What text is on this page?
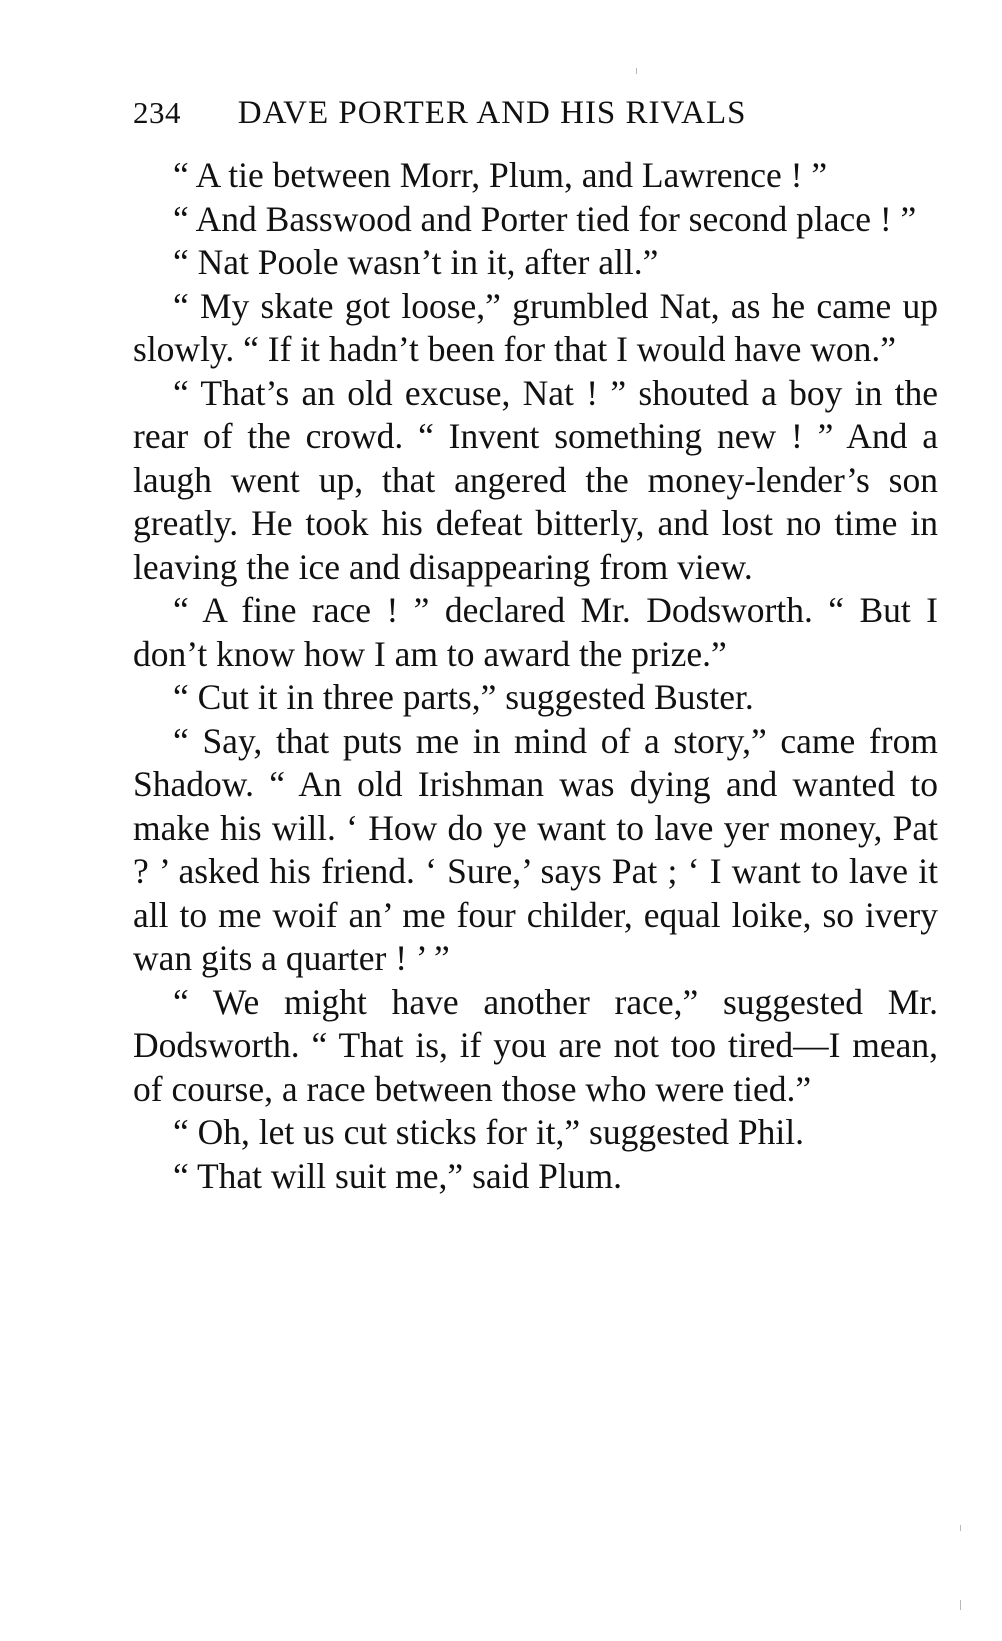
234 DAVE PORTER AND HIS RIVALS

“ A tie between Morr, Plum, and Lawrence ! ”

“ And Basswood and Porter tied for second place ! ”

“ Nat Poole wasn’t in it, after all.”

“ My skate got loose,” grumbled Nat, as he came up slowly. “ If it hadn’t been for that I would have won.”

“ That’s an old excuse, Nat ! ” shouted a boy in the rear of the crowd. “ Invent something new ! ” And a laugh went up, that angered the money-lender’s son greatly. He took his defeat bitterly, and lost no time in leaving the ice and disappearing from view.

“ A fine race ! ” declared Mr. Dodsworth. “ But I don’t know how I am to award the prize.”

“ Cut it in three parts,” suggested Buster.

“ Say, that puts me in mind of a story,” came from Shadow. “ An old Irishman was dying and wanted to make his will. ‘ How do ye want to lave yer money, Pat ? ’ asked his friend. ‘ Sure,’ says Pat ; ‘ I want to lave it all to me woif an’ me four childer, equal loike, so ivery wan gits a quarter ! ’ ”

“ We might have another race,” suggested Mr. Dodsworth. “ That is, if you are not too tired—I mean, of course, a race between those who were tied.”

“ Oh, let us cut sticks for it,” suggested Phil.

“ That will suit me,” said Plum.
